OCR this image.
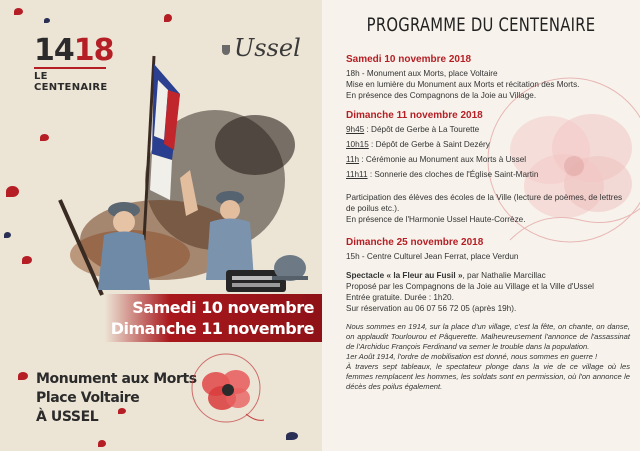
1418
LE CENTENAIRE
Ussel
Samedi 10 novembre
Dimanche 11 novembre
Monument aux Morts
Place Voltaire
À USSEL
PROGRAMME DU CENTENAIRE
Samedi 10 novembre 2018
18h - Monument aux Morts, place Voltaire
Mise en lumière du Monument aux Morts et récitation des Morts.
En présence des Compagnons de la Joie au Village.
Dimanche 11 novembre 2018
9h45 : Dépôt de Gerbe à La Tourette
10h15 : Dépôt de Gerbe à Saint Dezéry
11h : Cérémonie au Monument aux Morts à Ussel
11h11 : Sonnerie des cloches de l'Église Saint-Martin
Participation des élèves des écoles de la Ville (lecture de poèmes, de lettres de poilus etc.).
En présence de l'Harmonie Ussel Haute-Corrèze.
Dimanche 25 novembre 2018
15h - Centre Culturel Jean Ferrat, place Verdun
Spectacle « la Fleur au Fusil », par Nathalie Marcillac
Proposé par les Compagnons de la Joie au Village et la Ville d'Ussel
Entrée gratuite. Durée : 1h20.
Sur réservation au 06 07 56 72 05 (après 19h).
Nous sommes en 1914, sur la place d'un village, c'est la fête, on chante, on danse, on applaudit Tourlourou et Pâquerette. Malheureusement l'annonce de l'assassinat de l'Archiduc François Ferdinand va semer le trouble dans la population.
1er Août 1914, l'ordre de mobilisation est donné, nous sommes en guerre !
À travers sept tableaux, le spectateur plonge dans la vie de ce village où les femmes remplacent les hommes, les soldats sont en permission, où l'on annonce le décès des poilus également.
